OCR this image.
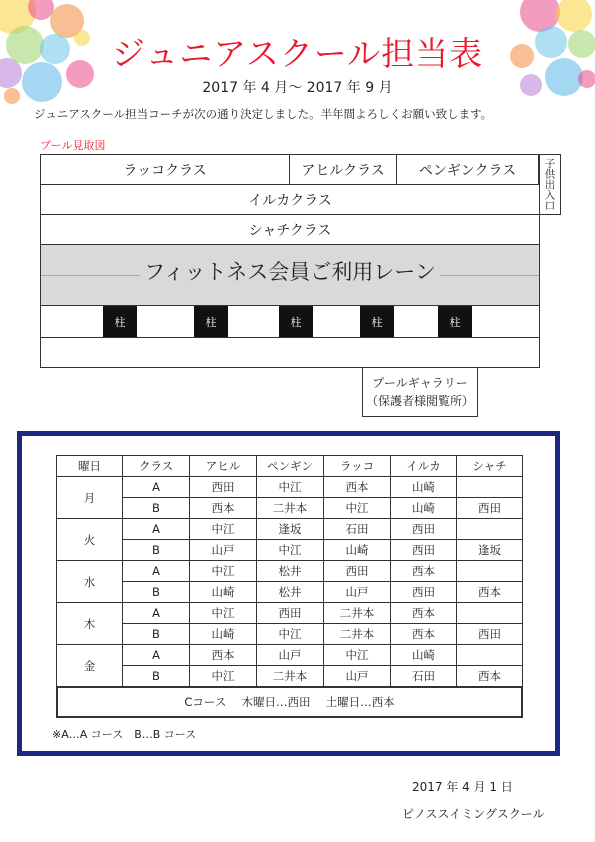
ジュニアスクール担当表
2017 年 4 月〜 2017 年 9 月
ジュニアスクール担当コーチが次の通り決定しました。半年間よろしくお願い致します。
プール見取図
ラッコクラス	アヒルクラス	ペンギンクラス	子供出入口
イルカクラス
シャチクラス
フィットネス会員ご利用レーン
柱	柱	柱	柱	柱
プールギャラリー
（保護者様閲覧所）
曜日	クラス	アヒル	ペンギン	ラッコ	イルカ	シャチ
月	A	西田	中江	西本	山崎	
	B	西本	二井本	中江	山崎	西田
火	A	中江	逢坂	石田	西田	
	B	山戸	中江	山崎	西田	逢坂
水	A	中江	松井	西田	西本	
	B	山崎	松井	山戸	西田	西本
木	A	中江	西田	二井本	西本	
	B	山崎	中江	二井本	西本	西田
金	A	西本	山戸	中江	山崎	
	B	中江	二井本	山戸	石田	西本

Cコース　 木曜日…西田　 土曜日…西本
※A…A コース　B…B コース
2017 年 4 月 1 日
ピノススイミングスクール
